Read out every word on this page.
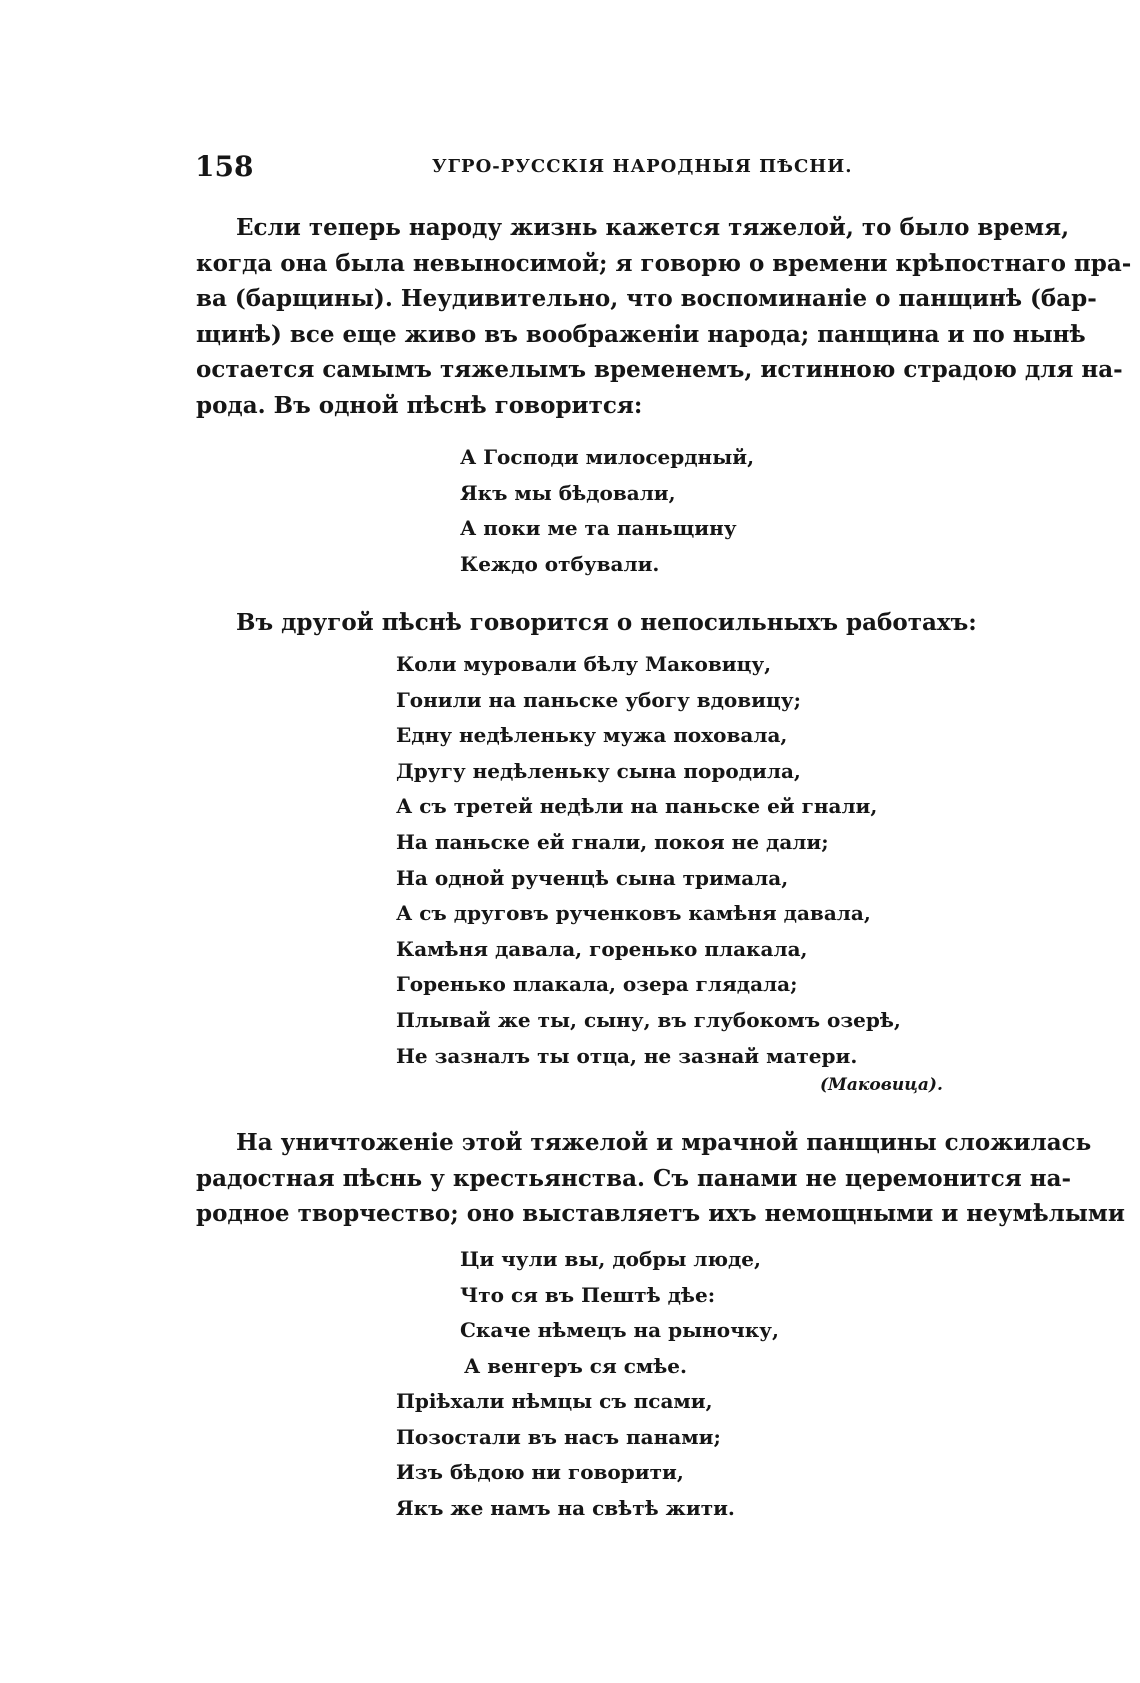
158	УГРО-РУССКІЯ НАРОДНЫЯ ПѢСНИ.
Если теперь народу жизнь кажется тяжелой, то было время,
когда она была невыносимой; я говорю о времени крѣпостнаго пра-
ва (барщины). Неудивительно, что воспоминаніе о панщинѣ (бар-
щинѣ) все еще живо въ воображеніи народа; панщина и по нынѣ
остается самымъ тяжелымъ временемъ, истинною страдою для на-
рода. Въ одной пѣснѣ говорится:
А Господи милосердный,
Якъ мы бѣдовали,
А поки ме та паньщину
Кеждо отбували.
Въ другой пѣснѣ говорится о непосильныхъ работахъ:
Коли муровали бѣлу Маковицу,
Гонили на паньске убогу вдовицу;
Едну недѣленьку мужа поховала,
Другу недѣленьку сына породила,
А съ третей недѣли на паньске ей гнали,
На паньске ей гнали, покоя не дали;
На одной рученцѣ сына тримала,
А съ друговъ рученковъ камѣня давала,
Камѣня давала, горенько плакала,
Горенько плакала, озера глядала;
Плывай же ты, сыну, въ глубокомъ озерѣ,
Не зазналъ ты отца, не зазнай матери.
(Маковица).
На уничтоженіе этой тяжелой и мрачной панщины сложилась
радостная пѣснь у крестьянства. Съ панами не церемонится на-
родное творчество; оно выставляетъ ихъ немощными и неумѣлыми
Ци чули вы, добры люде,
Что ся въ Пештѣ дѣе:
Скаче нѣмецъ на рыночку,
А венгеръ ся смѣе.
Пріѣхали нѣмцы съ псами,
Позостали въ насъ панами;
Изъ бѣдою ни говорити,
Якъ же намъ на свѣтѣ жити.
